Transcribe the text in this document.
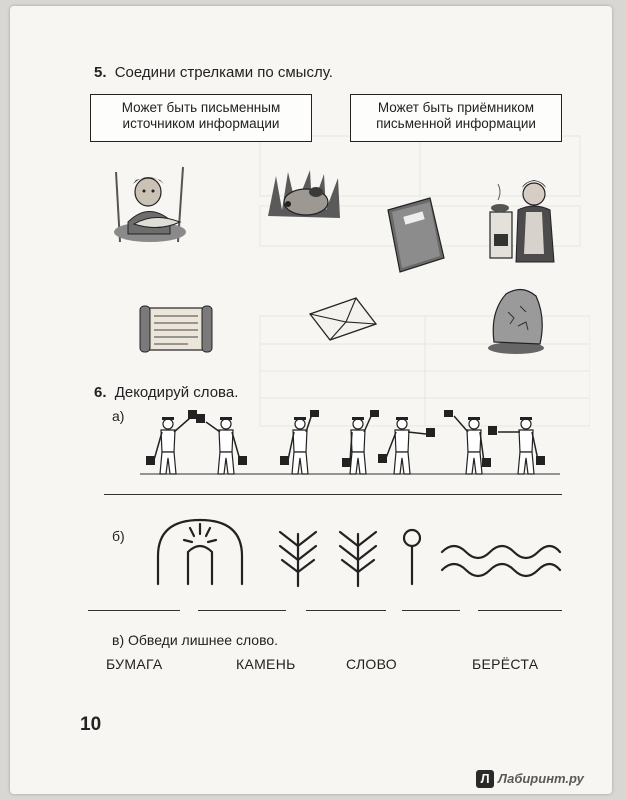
5. Соедини стрелками по смыслу.
Может быть письменным источником информации
Может быть приёмником письменной информации
6. Декодируй слова.
а)
б)
в) Обведи лишнее слово.
БУМАГА	КАМЕНЬ	СЛОВО	БЕРЁСТА
10
Л Лабиринт.ру
